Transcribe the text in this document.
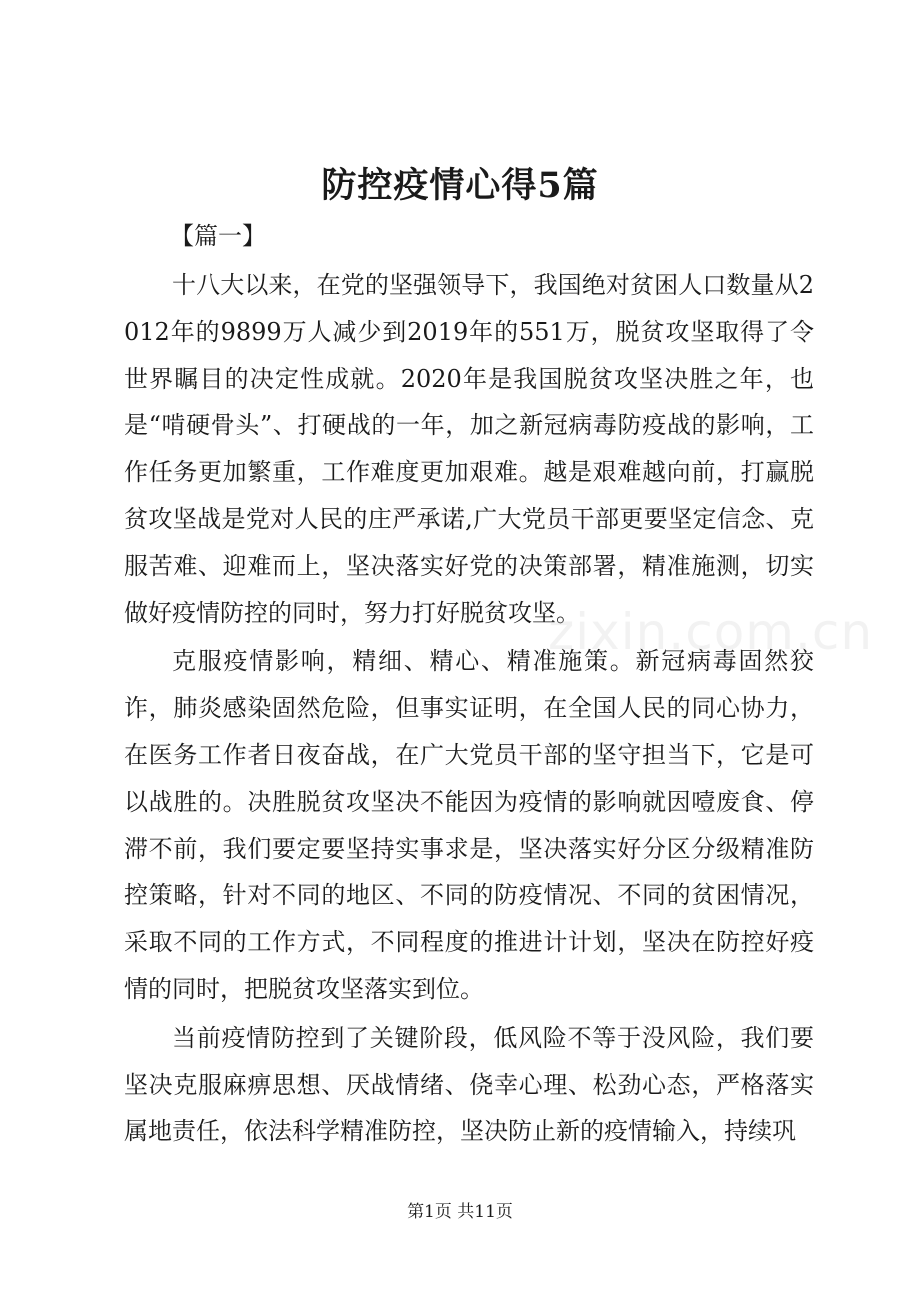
防控疫情心得5篇
【篇一】

十八大以来，在党的坚强领导下，我国绝对贫困人口数量从2012年的9899万人减少到2019年的551万，脱贫攻坚取得了令世界瞩目的决定性成就。2020年是我国脱贫攻坚决胜之年，也是“啃硬骨头”、打硬战的一年，加之新冠病毒防疫战的影响，工作任务更加繁重，工作难度更加艰难。越是艰难越向前，打赢脱贫攻坚战是党对人民的庄严承诺,广大党员干部更要坚定信念、克服苦难、迎难而上，坚决落实好党的决策部署，精准施测，切实做好疫情防控的同时，努力打好脱贫攻坚。

克服疫情影响，精细、精心、精准施策。新冠病毒固然狡诈，肺炎感染固然危险，但事实证明，在全国人民的同心协力，在医务工作者日夜奋战，在广大党员干部的坚守担当下，它是可以战胜的。决胜脱贫攻坚决不能因为疫情的影响就因噎废食、停滞不前，我们要定要坚持实事求是，坚决落实好分区分级精准防控策略，针对不同的地区、不同的防疫情况、不同的贫困情况，采取不同的工作方式，不同程度的推进计计划，坚决在防控好疫情的同时，把脱贫攻坚落实到位。

当前疫情防控到了关键阶段，低风险不等于没风险，我们要坚决克服麻痹思想、厌战情绪、侥幸心理、松劲心态，严格落实属地责任，依法科学精准防控，坚决防止新的疫情输入，持续巩

zixin.com.cn
第1页 共11页
